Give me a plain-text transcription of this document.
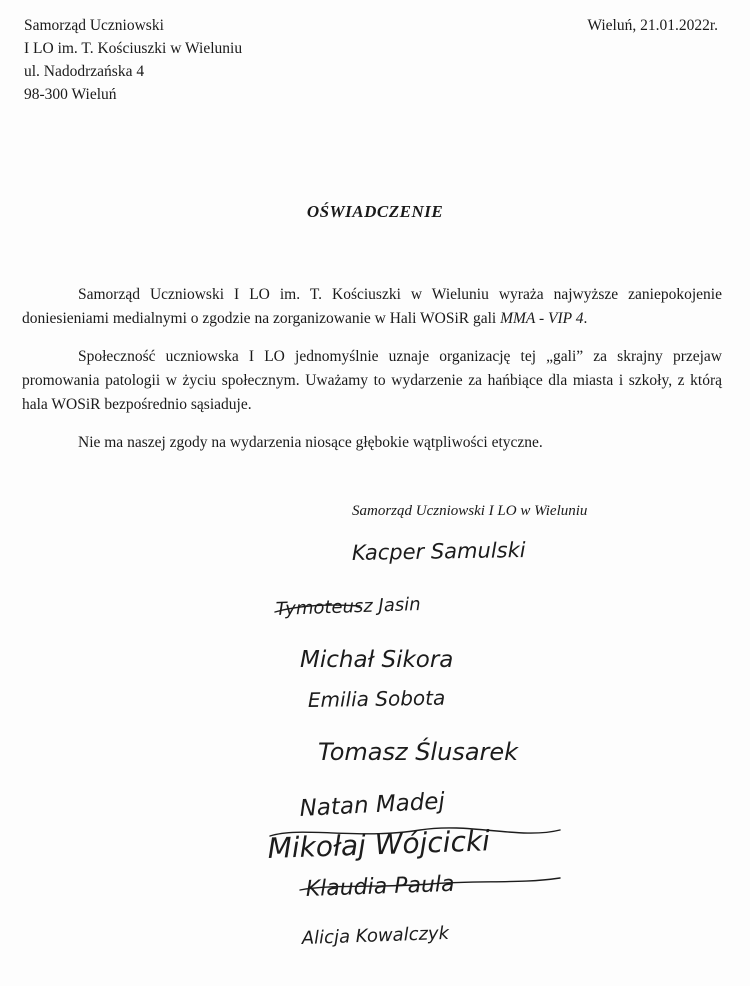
Samorząd Uczniowski
I LO im. T. Kościuszki w Wieluniu
ul. Nadodrzańska 4
98-300 Wieluń
Wieluń, 21.01.2022r.
OŚWIADCZENIE

Samorząd Uczniowski I LO im. T. Kościuszki w Wieluniu wyraża najwyższe zaniepokojenie doniesieniami medialnymi o zgodzie na zorganizowanie w Hali WOSiR gali MMA - VIP 4.

Społeczność uczniowska I LO jednomyślnie uznaje organizację tej „gali” za skrajny przejaw promowania patologii w życiu społecznym. Uważamy to wydarzenie za hańbiące dla miasta i szkoły, z którą hala WOSiR bezpośrednio sąsiaduje.

Nie ma naszej zgody na wydarzenia niosące głębokie wątpliwości etyczne.

Samorząd Uczniowski I LO w Wieluniu
Kacper Samulski
Tymoteusz Jasin
Michał Sikora
Emilia Sobota
Tomasz Ślusarek
Natan Madej
Mikołaj Wójcicki
Klaudia Paula
Alicja Kowalczyk
